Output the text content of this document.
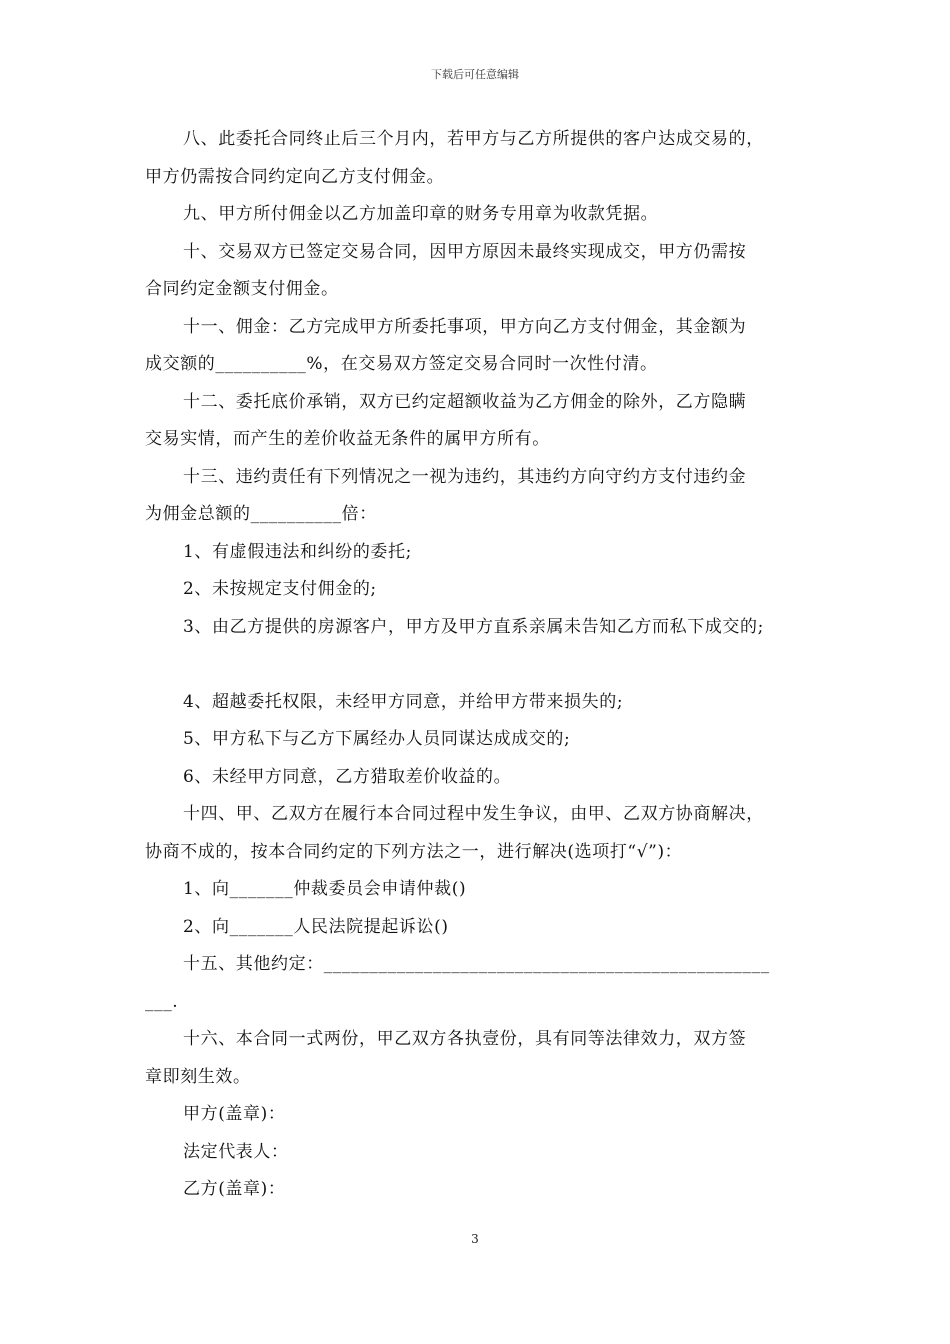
下载后可任意编辑
八、此委托合同终止后三个月内，若甲方与乙方所提供的客户达成交易的，
甲方仍需按合同约定向乙方支付佣金。
九、甲方所付佣金以乙方加盖印章的财务专用章为收款凭据。
十、交易双方已签定交易合同，因甲方原因未最终实现成交，甲方仍需按
合同约定金额支付佣金。
十一、佣金：乙方完成甲方所委托事项，甲方向乙方支付佣金，其金额为
成交额的__________%，在交易双方签定交易合同时一次性付清。
十二、委托底价承销，双方已约定超额收益为乙方佣金的除外，乙方隐瞒
交易实情，而产生的差价收益无条件的属甲方所有。
十三、违约责任有下列情况之一视为违约，其违约方向守约方支付违约金
为佣金总额的__________倍：
1、有虚假违法和纠纷的委托;
2、未按规定支付佣金的;
3、由乙方提供的房源客户，甲方及甲方直系亲属未告知乙方而私下成交的;
4、超越委托权限，未经甲方同意，并给甲方带来损失的;
5、甲方私下与乙方下属经办人员同谋达成成交的;
6、未经甲方同意，乙方猎取差价收益的。
十四、甲、乙双方在履行本合同过程中发生争议，由甲、乙双方协商解决，
协商不成的，按本合同约定的下列方法之一，进行解决(选项打“√”)：
1、向_______仲裁委员会申请仲裁()
2、向_______人民法院提起诉讼()
十五、其他约定：_________________________________________________
___.
十六、本合同一式两份，甲乙双方各执壹份，具有同等法律效力，双方签
章即刻生效。
甲方(盖章)：
法定代表人：
乙方(盖章)：
3
